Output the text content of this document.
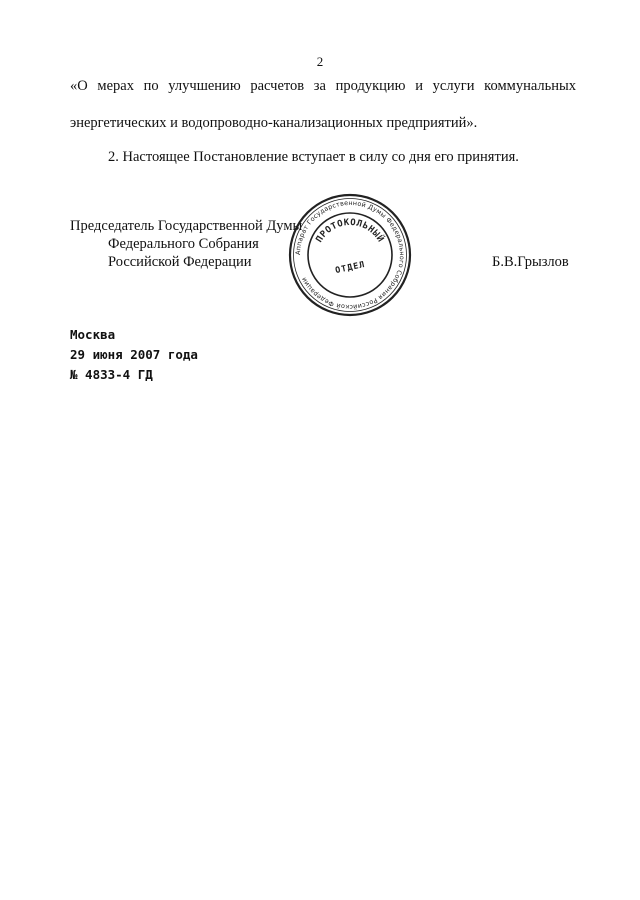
2
«О мерах по улучшению расчетов за продукцию и услуги коммунальных
энергетических и водопроводно-канализационных предприятий».
2. Настоящее Постановление вступает в силу со дня его принятия.
Председатель Государственной Думы
Федерального Собрания
Российской Федерации	Б.В.Грызлов
Аппарат Государственной Думы Федерального Собрания Российской Федерации
ПРОТОКОЛЬНЫЙ
ОТДЕЛ
Москва
29 июня 2007 года
№ 4833-4 ГД
